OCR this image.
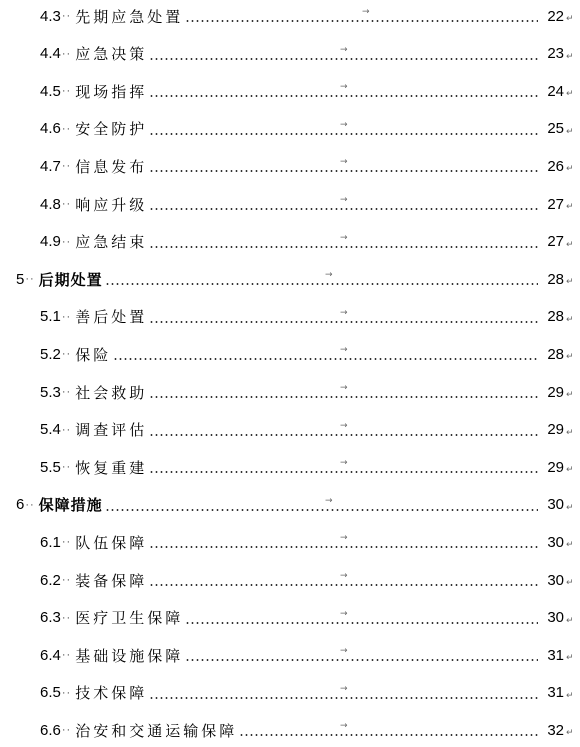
4.3 ·· 先期应急处置	→	22 ↵
4.4 ·· 应急决策	→	23 ↵
4.5 ·· 现场指挥	→	24 ↵
4.6 ·· 安全防护	→	25 ↵
4.7 ·· 信息发布	→	26 ↵
4.8 ·· 响应升级	→	27 ↵
4.9 ·· 应急结束	→	27 ↵
5 ·· 后期处置	→	28 ↵
5.1 ·· 善后处置	→	28 ↵
5.2 ·· 保险	→	28 ↵
5.3 ·· 社会救助	→	29 ↵
5.4 ·· 调查评估	→	29 ↵
5.5 ·· 恢复重建	→	29 ↵
6 ·· 保障措施	→	30 ↵
6.1 ·· 队伍保障	→	30 ↵
6.2 ·· 装备保障	→	30 ↵
6.3 ·· 医疗卫生保障	→	30 ↵
6.4 ·· 基础设施保障	→	31 ↵
6.5 ·· 技术保障	→	31 ↵
6.6 ·· 治安和交通运输保障	→	32 ↵
